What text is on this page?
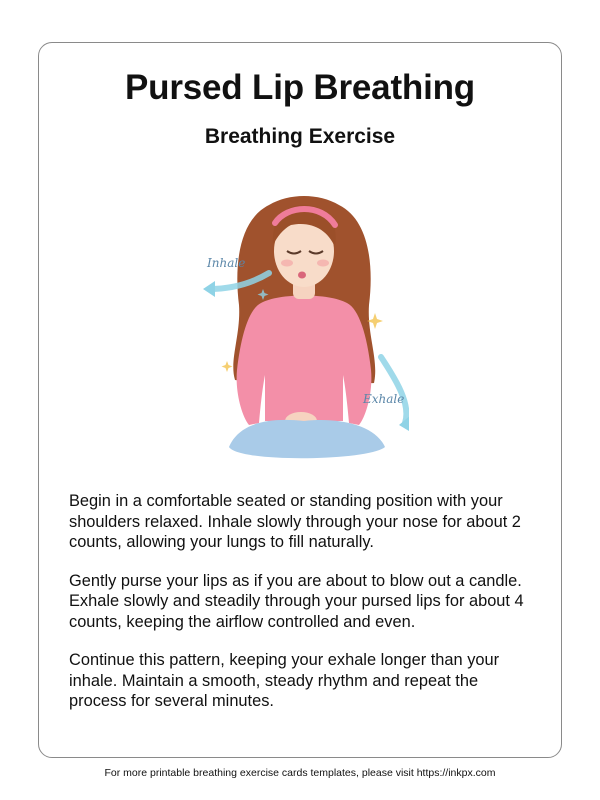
Pursed Lip Breathing
Breathing Exercise
Inhale
Exhale

Begin in a comfortable seated or standing position with your shoulders relaxed. Inhale slowly through your nose for about 2 counts, allowing your lungs to fill naturally.

Gently purse your lips as if you are about to blow out a candle. Exhale slowly and steadily through your pursed lips for about 4 counts, keeping the airflow controlled and even.

Continue this pattern, keeping your exhale longer than your inhale. Maintain a smooth, steady rhythm and repeat the process for several minutes.

For more printable breathing exercise cards templates, please visit https://inkpx.com
